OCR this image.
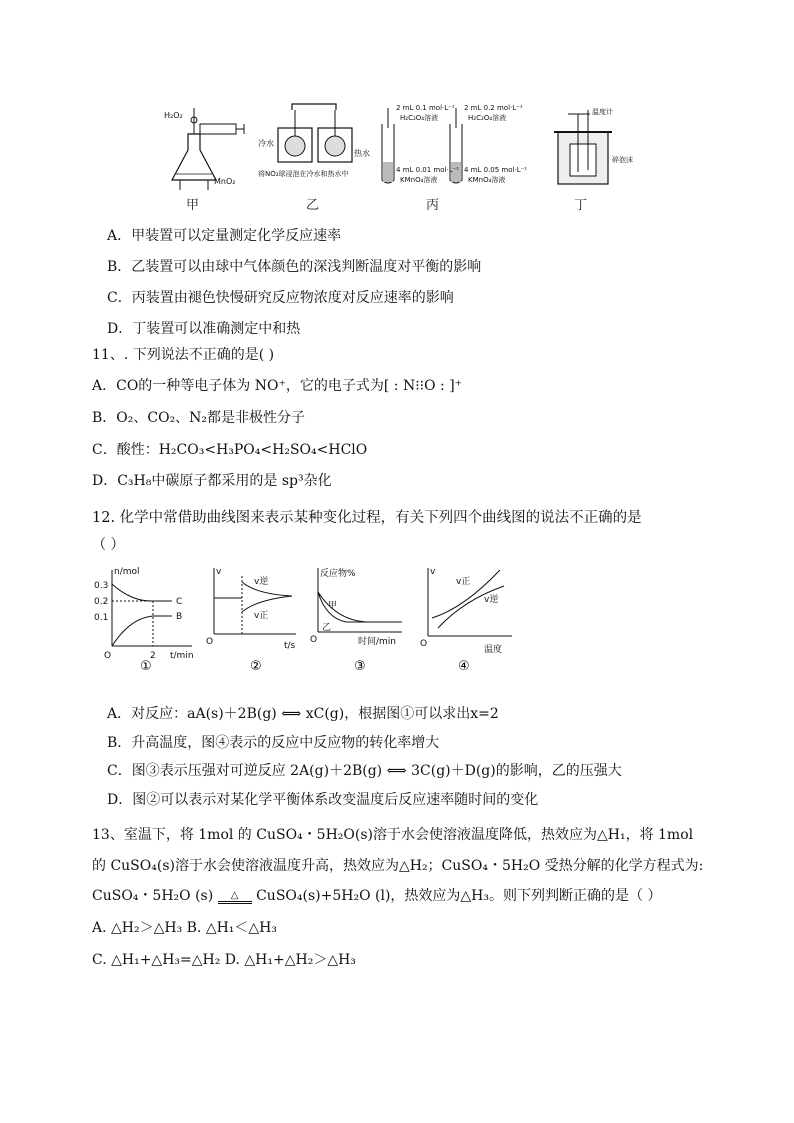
H₂O₂
MnO₂
冷水
热水
将NO₂球浸泡在冷水和热水中
2 mL 0.1 mol·L⁻¹
H₂C₂O₄溶液
2 mL 0.2 mol·L⁻¹
H₂C₂O₄溶液
4 mL 0.01 mol·L⁻¹
KMnO₄溶液
4 mL 0.05 mol·L⁻¹
KMnO₄溶液
温度计
碎泡沫
甲	乙	丙	丁
A．甲装置可以定量测定化学反应速率
B．乙装置可以由球中气体颜色的深浅判断温度对平衡的影响
C．丙装置由褪色快慢研究反应物浓度对反应速率的影响
D．丁装置可以准确测定中和热
11、. 下列说法不正确的是( )
A．CO的一种等电子体为 NO⁺，它的电子式为[ : N⁝⁝O : ]⁺
B．O₂、CO₂、N₂都是非极性分子
C．酸性：H₂CO₃<H₃PO₄<H₂SO₄<HClO
D．C₃H₈中碳原子都采用的是 sp³杂化
12. 化学中常借助曲线图来表示某种变化过程，有关下列四个曲线图的说法不正确的是
（ ）
n/mol
0.3
0.2
0.1
O	2 t/min
C
B
①
v
O	t/s
v逆
v正
②
反应物%
O	时间/min
甲
乙
③
v
O
温度
v正
v逆
④
A．对反应：aA(s)＋2B(g) ⟺ xC(g)，根据图①可以求出x=2
B．升高温度，图④表示的反应中反应物的转化率增大
C．图③表示压强对可逆反应 2A(g)＋2B(g) ⟺ 3C(g)＋D(g)的影响，乙的压强大
D．图②可以表示对某化学平衡体系改变温度后反应速率随时间的变化
13、室温下，将 1mol 的 CuSO₄・5H₂O(s)溶于水会使溶液温度降低，热效应为△H₁，将 1mol
的 CuSO₄(s)溶于水会使溶液温度升高，热效应为△H₂；CuSO₄・5H₂O 受热分解的化学方程式为:
CuSO₄・5H₂O (s) △ CuSO₄(s)+5H₂O (l)，热效应为△H₃。则下列判断正确的是（ ）
A. △H₂＞△H₃ B. △H₁＜△H₃
C. △H₁+△H₃=△H₂ D. △H₁+△H₂＞△H₃
